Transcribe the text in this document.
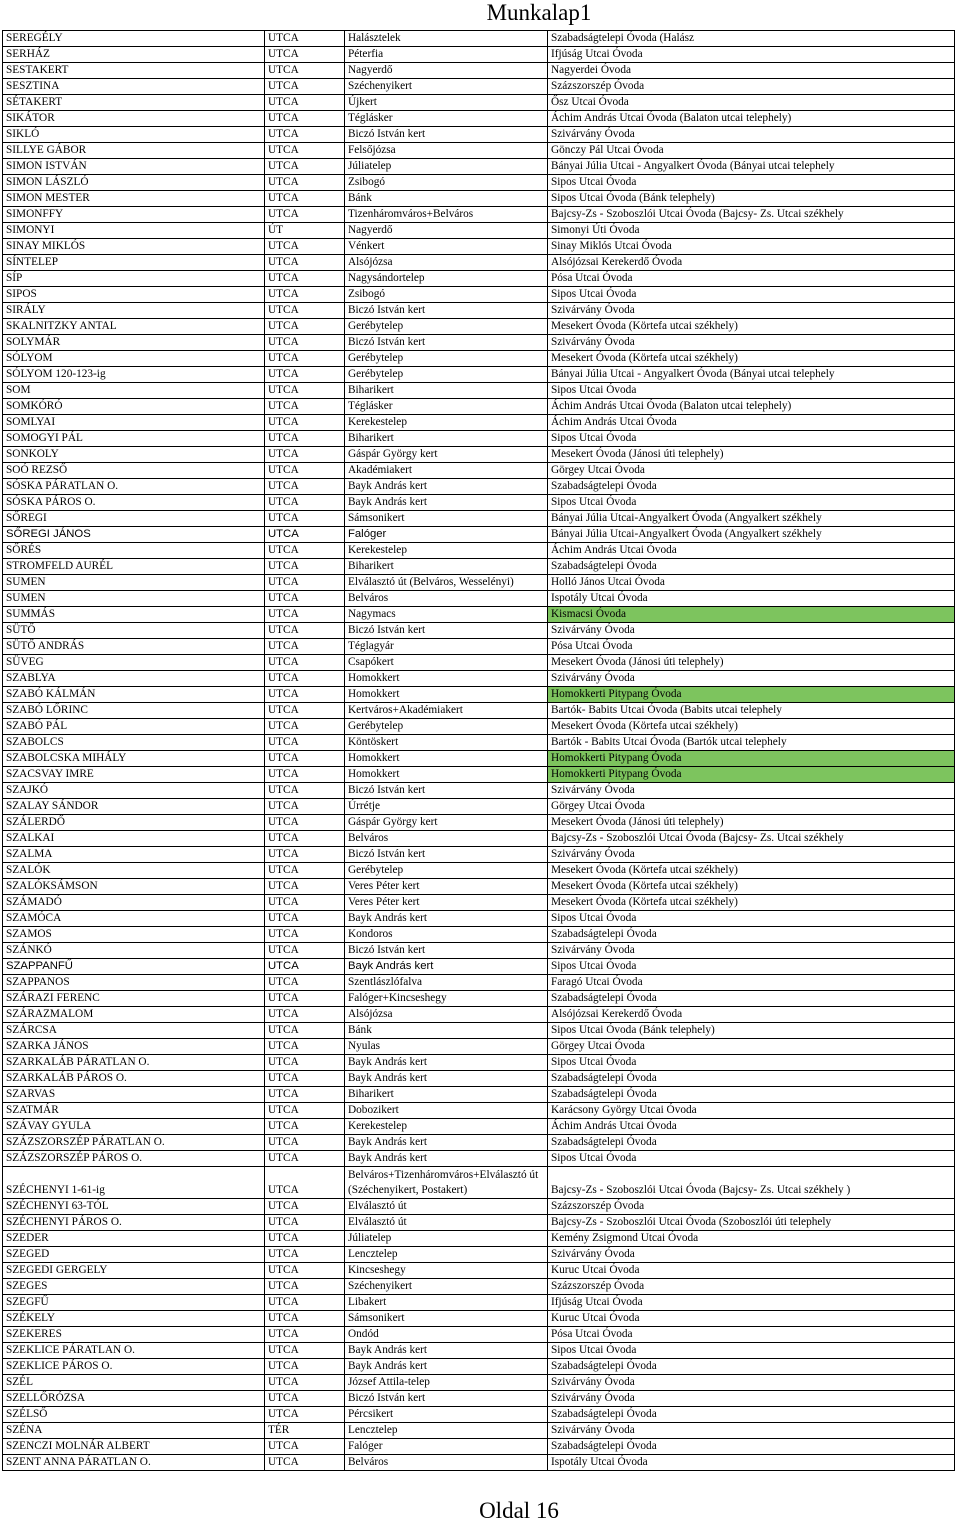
Munkalap1
SEREGÉLY	UTCA	Halásztelek	Szabadságtelepi Óvoda (Halász
SERHÁZ	UTCA	Péterfia	Ifjúság Utcai Óvoda
SESTAKERT	UTCA	Nagyerdő	Nagyerdei Óvoda
SESZTINA	UTCA	Széchenyikert	Százszorszép Óvoda
SÉTAKERT	UTCA	Újkert	Ősz Utcai Óvoda
SIKÁTOR	UTCA	Téglásker	Áchim András Utcai Óvoda (Balaton utcai telephely)
SIKLÓ	UTCA	Biczó István kert	Szivárvány Óvoda
SILLYE GÁBOR	UTCA	Felsőjózsa	Gönczy Pál Utcai Óvoda
SIMON ISTVÁN	UTCA	Júliatelep	Bányai Júlia Utcai - Angyalkert Óvoda (Bányai utcai telephely
SIMON LÁSZLÓ	UTCA	Zsibogó	Sipos Utcai Óvoda
SIMON MESTER	UTCA	Bánk	Sipos Utcai Óvoda (Bánk telephely)
SIMONFFY	UTCA	Tizenháromváros+Belváros	Bajcsy-Zs - Szoboszlói Utcai Óvoda (Bajcsy- Zs. Utcai székhely
SIMONYI	ÚT	Nagyerdő	Simonyi Úti Óvoda
SINAY MIKLÓS	UTCA	Vénkert	Sinay Miklós Utcai Óvoda
SÍNTELEP	UTCA	Alsójózsa	Alsójózsai Kerekerdő Óvoda
SÍP	UTCA	Nagysándortelep	Pósa Utcai Óvoda
SIPOS	UTCA	Zsibogó	Sipos Utcai Óvoda
SIRÁLY	UTCA	Biczó István kert	Szivárvány Óvoda
SKALNITZKY ANTAL	UTCA	Gerébytelep	Mesekert Óvoda (Körtefa utcai székhely)
SOLYMÁR	UTCA	Biczó István kert	Szivárvány Óvoda
SÓLYOM	UTCA	Gerébytelep	Mesekert Óvoda (Körtefa utcai székhely)
SÓLYOM 120-123-ig	UTCA	Gerébytelep	Bányai Júlia Utcai - Angyalkert Óvoda (Bányai utcai telephely
SOM	UTCA	Biharikert	Sipos Utcai Óvoda
SOMKÓRÓ	UTCA	Téglásker	Áchim András Utcai Óvoda (Balaton utcai telephely)
SOMLYAI	UTCA	Kerekestelep	Áchim András Utcai Óvoda
SOMOGYI PÁL	UTCA	Biharikert	Sipos Utcai Óvoda
SONKOLY	UTCA	Gáspár György kert	Mesekert Óvoda (Jánosi úti telephely)
SOÓ REZSŐ	UTCA	Akadémiakert	Görgey Utcai Óvoda
SÓSKA PÁRATLAN O.	UTCA	Bayk András kert	Szabadságtelepi Óvoda
SÓSKA PÁROS O.	UTCA	Bayk András kert	Sipos Utcai Óvoda
SŐREGI	UTCA	Sámsonikert	Bányai Júlia Utcai-Angyalkert Óvoda (Angyalkert székhely
SŐREGI JÁNOS	UTCA	Falóger	Bányai Júlia Utcai-Angyalkert Óvoda (Angyalkert székhely
SŐRÉS	UTCA	Kerekestelep	Áchim András Utcai Óvoda
STROMFELD AURÉL	UTCA	Biharikert	Szabadságtelepi Óvoda
SUMEN	UTCA	Elválasztó út (Belváros, Wesselényi)	Holló János Utcai Óvoda
SUMEN	UTCA	Belváros	Ispotály Utcai Óvoda
SUMMÁS	UTCA	Nagymacs	Kismacsi Óvoda
SÜTŐ	UTCA	Biczó István kert	Szivárvány Óvoda
SÜTŐ ANDRÁS	UTCA	Téglagyár	Pósa Utcai Óvoda
SÜVEG	UTCA	Csapókert	Mesekert Óvoda (Jánosi úti telephely)
SZABLYA	UTCA	Homokkert	Szivárvány Óvoda
SZABÓ KÁLMÁN	UTCA	Homokkert	Homokkerti Pitypang Óvoda
SZABÓ LŐRINC	UTCA	Kertváros+Akadémiakert	Bartók- Babits Utcai Óvoda (Babits utcai telephely
SZABÓ PÁL	UTCA	Gerébytelep	Mesekert Óvoda (Körtefa utcai székhely)
SZABOLCS	UTCA	Köntöskert	Bartók - Babits Utcai Óvoda (Bartók utcai telephely
SZABOLCSKA MIHÁLY	UTCA	Homokkert	Homokkerti Pitypang Óvoda
SZACSVAY IMRE	UTCA	Homokkert	Homokkerti Pitypang Óvoda
SZAJKÓ	UTCA	Biczó István kert	Szivárvány Óvoda
SZALAY SÁNDOR	UTCA	Úrrétje	Görgey Utcai Óvoda
SZÁLERDŐ	UTCA	Gáspár György kert	Mesekert Óvoda (Jánosi úti telephely)
SZALKAI	UTCA	Belváros	Bajcsy-Zs - Szoboszlói Utcai Óvoda (Bajcsy- Zs. Utcai székhely
SZALMA	UTCA	Biczó István kert	Szivárvány Óvoda
SZALÓK	UTCA	Gerébytelep	Mesekert Óvoda (Körtefa utcai székhely)
SZALÓKSÁMSON	UTCA	Veres Péter kert	Mesekert Óvoda (Körtefa utcai székhely)
SZÁMADÓ	UTCA	Veres Péter kert	Mesekert Óvoda (Körtefa utcai székhely)
SZAMÓCA	UTCA	Bayk András kert	Sipos Utcai Óvoda
SZAMOS	UTCA	Kondoros	Szabadságtelepi Óvoda
SZÁNKÓ	UTCA	Biczó István kert	Szivárvány Óvoda
SZAPPANFŰ	UTCA	Bayk András kert	Sipos Utcai Óvoda
SZAPPANOS	UTCA	Szentlászlófalva	Faragó Utcai Óvoda
SZÁRAZI FERENC	UTCA	Falóger+Kincseshegy	Szabadságtelepi Óvoda
SZÁRAZMALOM	UTCA	Alsójózsa	Alsójózsai Kerekerdő Óvoda
SZÁRCSA	UTCA	Bánk	Sipos Utcai Óvoda (Bánk telephely)
SZARKA JÁNOS	UTCA	Nyulas	Görgey Utcai Óvoda
SZARKALÁB PÁRATLAN O.	UTCA	Bayk András kert	Sipos Utcai Óvoda
SZARKALÁB PÁROS O.	UTCA	Bayk András kert	Szabadságtelepi Óvoda
SZARVAS	UTCA	Biharikert	Szabadságtelepi Óvoda
SZATMÁR	UTCA	Dobozikert	Karácsony György Utcai Óvoda
SZÁVAY GYULA	UTCA	Kerekestelep	Áchim András Utcai Óvoda
SZÁZSZORSZÉP PÁRATLAN O.	UTCA	Bayk András kert	Szabadságtelepi Óvoda
SZÁZSZORSZÉP PÁROS O.	UTCA	Bayk András kert	Sipos Utcai Óvoda
SZÉCHENYI 1-61-ig	UTCA	Belváros+Tizenháromváros+Elválasztó út (Széchenyikert, Postakert)	Bajcsy-Zs - Szoboszlói Utcai Óvoda (Bajcsy- Zs. Utcai székhely )
SZÉCHENYI 63-TÓL	UTCA	Elválasztó út	Százszorszép Óvoda
SZÉCHENYI PÁROS O.	UTCA	Elválasztó út	Bajcsy-Zs - Szoboszlói Utcai Óvoda (Szoboszlói úti telephely
SZEDER	UTCA	Júliatelep	Kemény Zsigmond Utcai Óvoda
SZEGED	UTCA	Lencztelep	Szivárvány Óvoda
SZEGEDI GERGELY	UTCA	Kincseshegy	Kuruc Utcai Óvoda
SZEGES	UTCA	Széchenyikert	Százszorszép Óvoda
SZEGFŰ	UTCA	Libakert	Ifjúság Utcai Óvoda
SZÉKELY	UTCA	Sámsonikert	Kuruc Utcai Óvoda
SZEKERES	UTCA	Ondód	Pósa Utcai Óvoda
SZEKLICE PÁRATLAN O.	UTCA	Bayk András kert	Sipos Utcai Óvoda
SZEKLICE PÁROS O.	UTCA	Bayk András kert	Szabadságtelepi Óvoda
SZÉL	UTCA	József Attila-telep	Szivárvány Óvoda
SZELLŐRÓZSA	UTCA	Biczó István kert	Szivárvány Óvoda
SZÉLSŐ	UTCA	Pércsikert	Szabadságtelepi Óvoda
SZÉNA	TÉR	Lencztelep	Szivárvány Óvoda
SZENCZI MOLNÁR ALBERT	UTCA	Falóger	Szabadságtelepi Óvoda
SZENT ANNA PÁRATLAN O.	UTCA	Belváros	Ispotály Utcai Óvoda
Oldal 16
